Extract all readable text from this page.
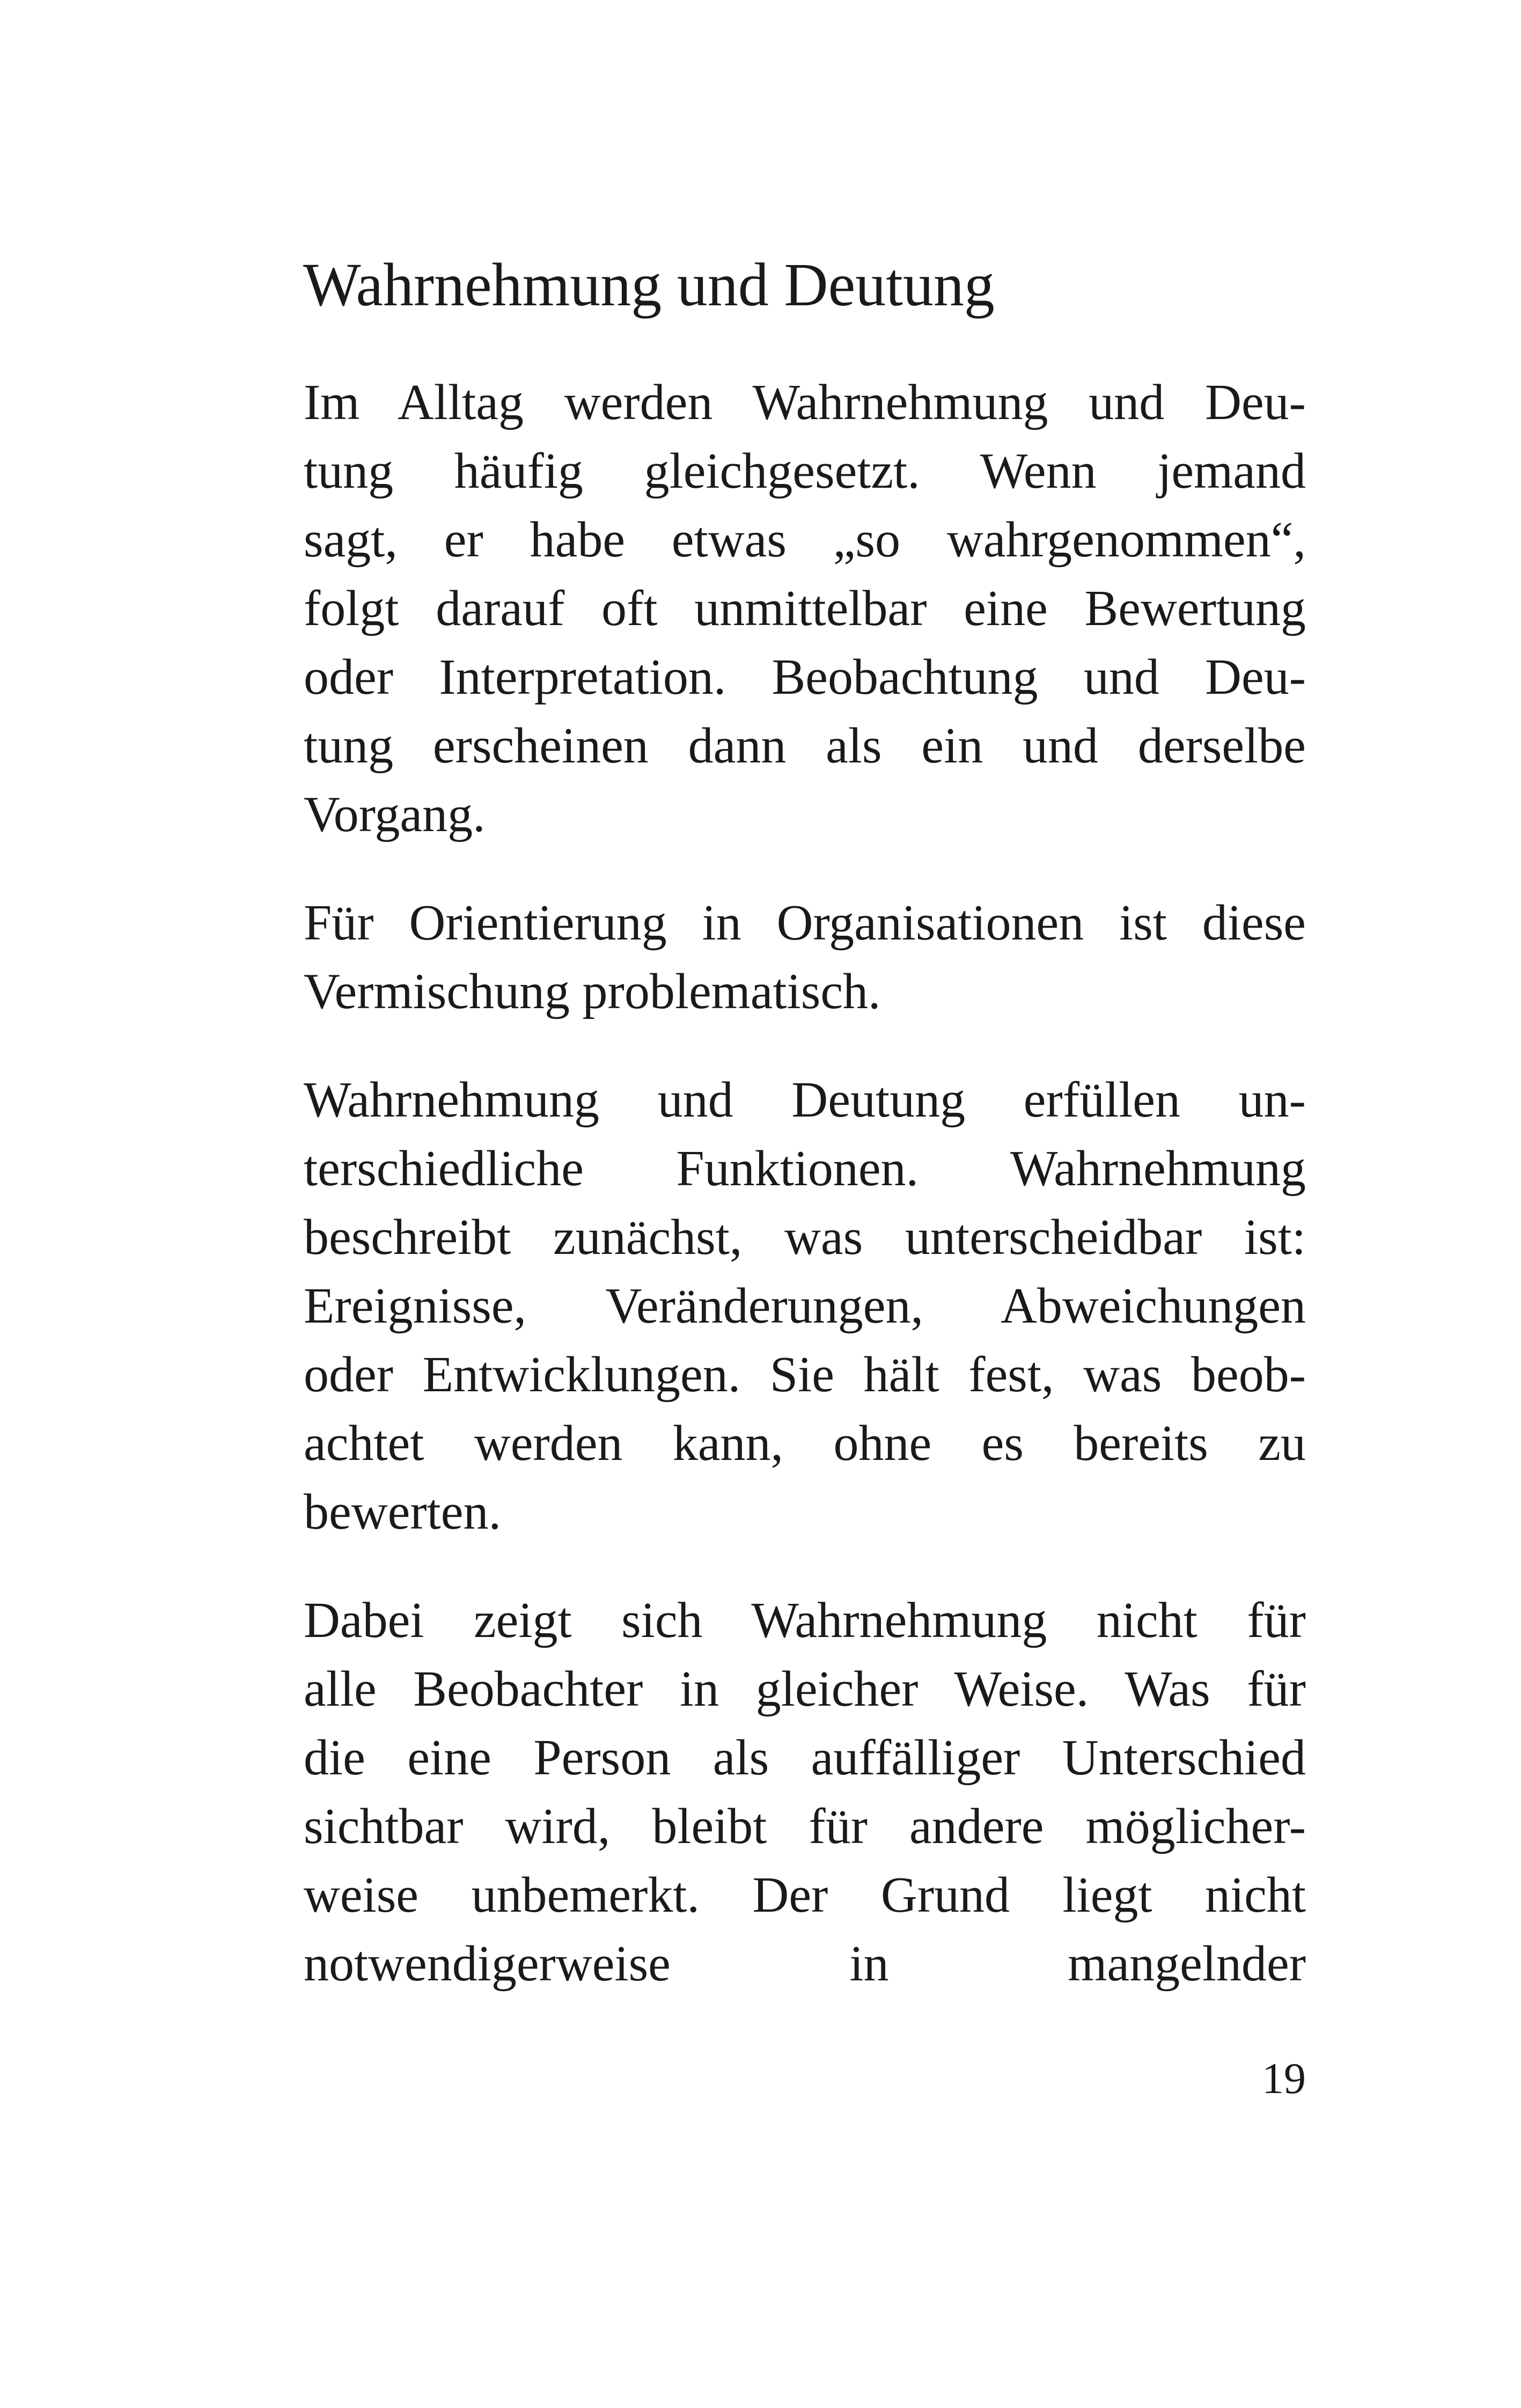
Wahrnehmung und Deutung

Im Alltag werden Wahrnehmung und Deu-

tung häufig gleichgesetzt. Wenn jemand

sagt, er habe etwas „so wahrgenommen“,

folgt darauf oft unmittelbar eine Bewertung

oder Interpretation. Beobachtung und Deu-

tung erscheinen dann als ein und derselbe

Vorgang.

Für Orientierung in Organisationen ist diese

Vermischung problematisch.

Wahrnehmung und Deutung erfüllen un-

terschiedliche Funktionen. Wahrnehmung

beschreibt zunächst, was unterscheidbar ist:

Ereignisse, Veränderungen, Abweichungen

oder Entwicklungen. Sie hält fest, was beob-

achtet werden kann, ohne es bereits zu

bewerten.

Dabei zeigt sich Wahrnehmung nicht für

alle Beobachter in gleicher Weise. Was für

die eine Person als auffälliger Unterschied

sichtbar wird, bleibt für andere möglicher-

weise unbemerkt. Der Grund liegt nicht

notwendigerweise in mangelnder

19
